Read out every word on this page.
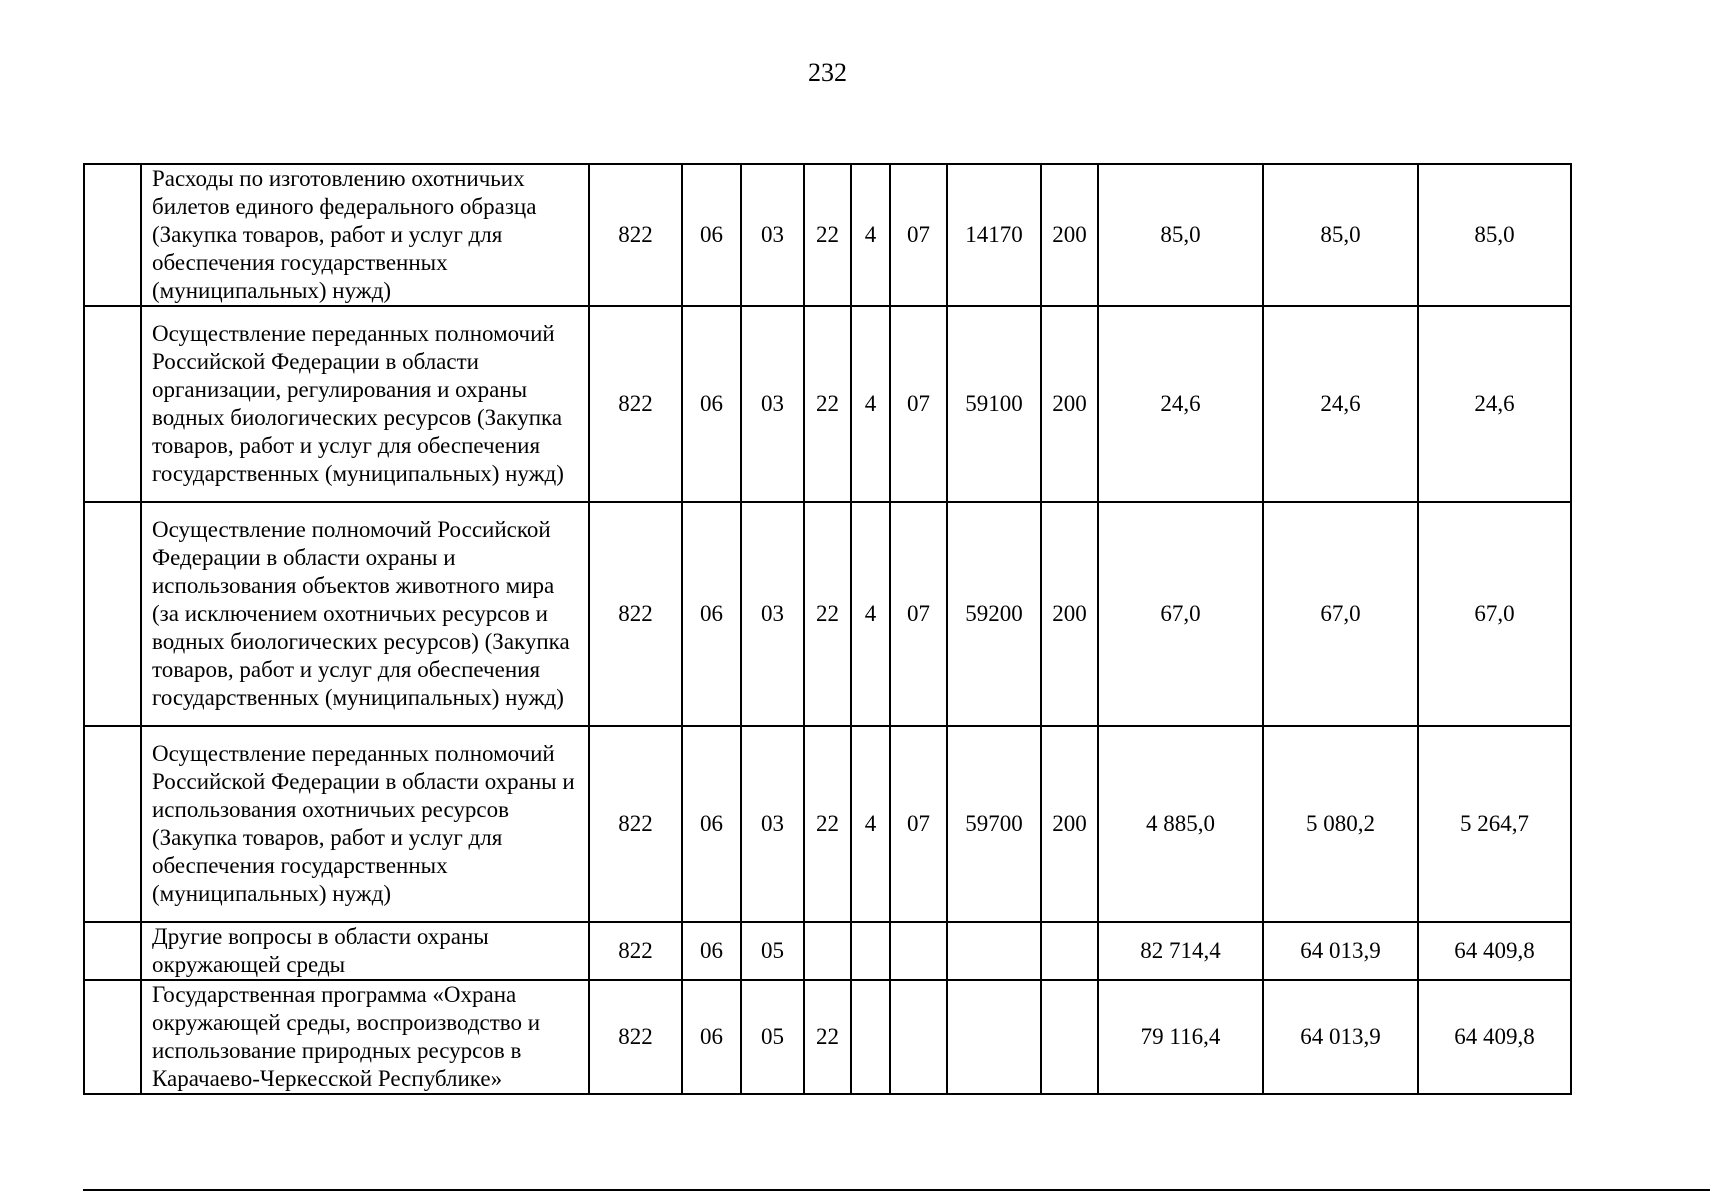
232
	Расходы по изготовлению охотничьих билетов единого федерального образца (Закупка товаров, работ и услуг для обеспечения государственных (муниципальных) нужд)	822	06	03	22	4	07	14170	200	85,0	85,0	85,0
	Осуществление переданных полномочий Российской Федерации в области организации, регулирования и охраны водных биологических ресурсов (Закупка товаров, работ и услуг для обеспечения государственных (муниципальных) нужд)	822	06	03	22	4	07	59100	200	24,6	24,6	24,6
	Осуществление полномочий Российской Федерации в области охраны и использования объектов животного мира (за исключением охотничьих ресурсов и водных биологических ресурсов) (Закупка товаров, работ и услуг для обеспечения государственных (муниципальных) нужд)	822	06	03	22	4	07	59200	200	67,0	67,0	67,0
	Осуществление переданных полномочий Российской Федерации в области охраны и использования охотничьих ресурсов (Закупка товаров, работ и услуг для обеспечения государственных (муниципальных) нужд)	822	06	03	22	4	07	59700	200	4 885,0	5 080,2	5 264,7
	Другие вопросы в области охраны окружающей среды	822	06	05						82 714,4	64 013,9	64 409,8
	Государственная программа «Охрана окружающей среды, воспроизводство и использование природных ресурсов в Карачаево-Черкесской Республике»	822	06	05	22					79 116,4	64 013,9	64 409,8
